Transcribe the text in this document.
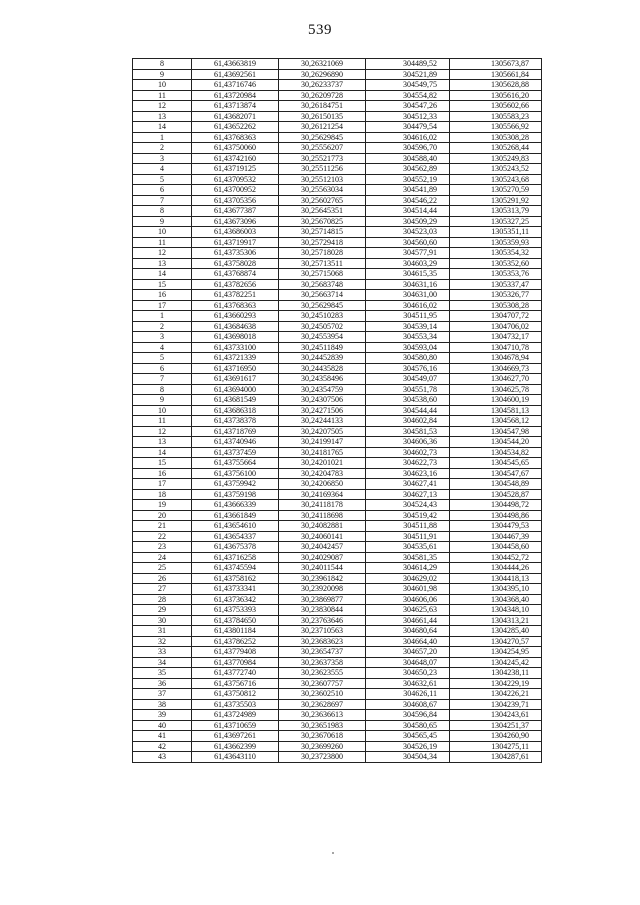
539
8	61,43663819	30,26321069	304489,52	1305673,87
9	61,43692561	30,26296890	304521,89	1305661,84
10	61,43716746	30,26233737	304549,75	1305628,88
11	61,43720984	30,26209728	304554,82	1305616,20
12	61,43713874	30,26184751	304547,26	1305602,66
13	61,43682071	30,26150135	304512,33	1305583,23
14	61,43652262	30,26121254	304479,54	1305566,92
1	61,43768363	30,25629845	304616,02	1305308,28
2	61,43750060	30,25556207	304596,70	1305268,44
3	61,43742160	30,25521773	304588,40	1305249,83
4	61,43719125	30,25511256	304562,89	1305243,52
5	61,43709532	30,25512103	304552,19	1305243,68
6	61,43700952	30,25563034	304541,89	1305270,59
7	61,43705356	30,25602765	304546,22	1305291,92
8	61,43677387	30,25645351	304514,44	1305313,79
9	61,43673096	30,25670825	304509,29	1305327,25
10	61,43686003	30,25714815	304523,03	1305351,11
11	61,43719917	30,25729418	304560,60	1305359,93
12	61,43735306	30,25718028	304577,91	1305354,32
13	61,43758028	30,25713511	304603,29	1305352,60
14	61,43768874	30,25715068	304615,35	1305353,76
15	61,43782656	30,25683748	304631,16	1305337,47
16	61,43782251	30,25663714	304631,00	1305326,77
17	61,43768363	30,25629845	304616,02	1305308,28
1	61,43660293	30,24510283	304511,95	1304707,72
2	61,43684638	30,24505702	304539,14	1304706,02
3	61,43698018	30,24553954	304553,34	1304732,17
4	61,43733100	30,24511849	304593,04	1304710,78
5	61,43721339	30,24452839	304580,80	1304678,94
6	61,43716950	30,24435828	304576,16	1304669,73
7	61,43691617	30,24358496	304549,07	1304627,70
8	61,43694000	30,24354759	304551,78	1304625,78
9	61,43681549	30,24307506	304538,60	1304600,19
10	61,43686318	30,24271506	304544,44	1304581,13
11	61,43738378	30,24244133	304602,84	1304568,12
12	61,43718769	30,24207505	304581,53	1304547,98
13	61,43740946	30,24199147	304606,36	1304544,20
14	61,43737459	30,24181765	304602,73	1304534,82
15	61,43755664	30,24201021	304622,73	1304545,65
16	61,43756100	30,24204783	304623,16	1304547,67
17	61,43759942	30,24206850	304627,41	1304548,89
18	61,43759198	30,24169364	304627,13	1304528,87
19	61,43666339	30,24118178	304524,43	1304498,72
20	61,43661849	30,24118698	304519,42	1304498,86
21	61,43654610	30,24082881	304511,88	1304479,53
22	61,43654337	30,24060141	304511,91	1304467,39
23	61,43675378	30,24042457	304535,61	1304458,60
24	61,43716258	30,24029087	304581,35	1304452,72
25	61,43745594	30,24011544	304614,29	1304444,26
26	61,43758162	30,23961842	304629,02	1304418,13
27	61,43733341	30,23920098	304601,98	1304395,10
28	61,43736342	30,23869877	304606,06	1304368,40
29	61,43753393	30,23830844	304625,63	1304348,10
30	61,43784650	30,23763646	304661,44	1304313,21
31	61,43801184	30,23710563	304680,64	1304285,40
32	61,43786252	30,23683623	304664,40	1304270,57
33	61,43779408	30,23654737	304657,20	1304254,95
34	61,43770984	30,23637358	304648,07	1304245,42
35	61,43772740	30,23623555	304650,23	1304238,11
36	61,43756716	30,23607757	304632,61	1304229,19
37	61,43750812	30,23602510	304626,11	1304226,21
38	61,43735503	30,23628697	304608,67	1304239,71
39	61,43724989	30,23636613	304596,84	1304243,61
40	61,43710659	30,23651983	304580,65	1304251,37
41	61,43697261	30,23670618	304565,45	1304260,90
42	61,43662399	30,23699260	304526,19	1304275,11
43	61,43643110	30,23723800	304504,34	1304287,61
